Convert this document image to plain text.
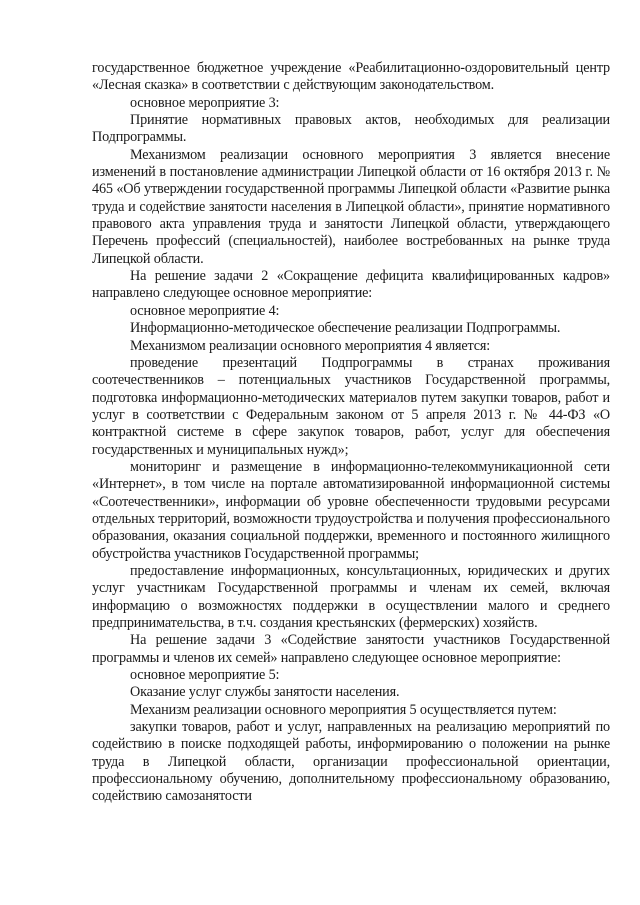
государственное бюджетное учреждение «Реабилитационно-оздоровительный центр «Лесная сказка» в соответствии с действующим законодательством.

основное мероприятие 3:

Принятие нормативных правовых актов, необходимых для реализации Подпрограммы.

Механизмом реализации основного мероприятия 3 является внесение изменений в постановление администрации Липецкой области от 16 октября 2013 г. № 465 «Об утверждении государственной программы Липецкой области «Развитие рынка труда и содействие занятости населения в Липецкой области», принятие нормативного правового акта управления труда и занятости Липецкой области, утверждающего Перечень профессий (специальностей), наиболее востребованных на рынке труда Липецкой области.

На решение задачи 2 «Сокращение дефицита квалифицированных кадров» направлено следующее основное мероприятие:

основное мероприятие 4:

Информационно-методическое обеспечение реализации Подпрограммы.

Механизмом реализации основного мероприятия 4 является:

проведение презентаций Подпрограммы в странах проживания соотечественников – потенциальных участников Государственной программы, подготовка информационно-методических материалов путем закупки товаров, работ и услуг в соответствии с Федеральным законом от 5 апреля 2013 г. № 44-ФЗ «О контрактной системе в сфере закупок товаров, работ, услуг для обеспечения государственных и муниципальных нужд»;

мониторинг и размещение в информационно-телекоммуникационной сети «Интернет», в том числе на портале автоматизированной информационной системы «Соотечественники», информации об уровне обеспеченности трудовыми ресурсами отдельных территорий, возможности трудоустройства и получения профессионального образования, оказания социальной поддержки, временного и постоянного жилищного обустройства участников Государственной программы;

предоставление информационных, консультационных, юридических и других услуг участникам Государственной программы и членам их семей, включая информацию о возможностях поддержки в осуществлении малого и среднего предпринимательства, в т.ч. создания крестьянских (фермерских) хозяйств.

На решение задачи 3 «Содействие занятости участников Государственной программы и членов их семей» направлено следующее основное мероприятие:

основное мероприятие 5:

Оказание услуг службы занятости населения.

Механизм реализации основного мероприятия 5 осуществляется путем:

закупки товаров, работ и услуг, направленных на реализацию мероприятий по содействию в поиске подходящей работы, информированию о положении на рынке труда в Липецкой области, организации профессиональной ориентации, профессиональному обучению, дополнительному профессиональному образованию, содействию самозанятости
